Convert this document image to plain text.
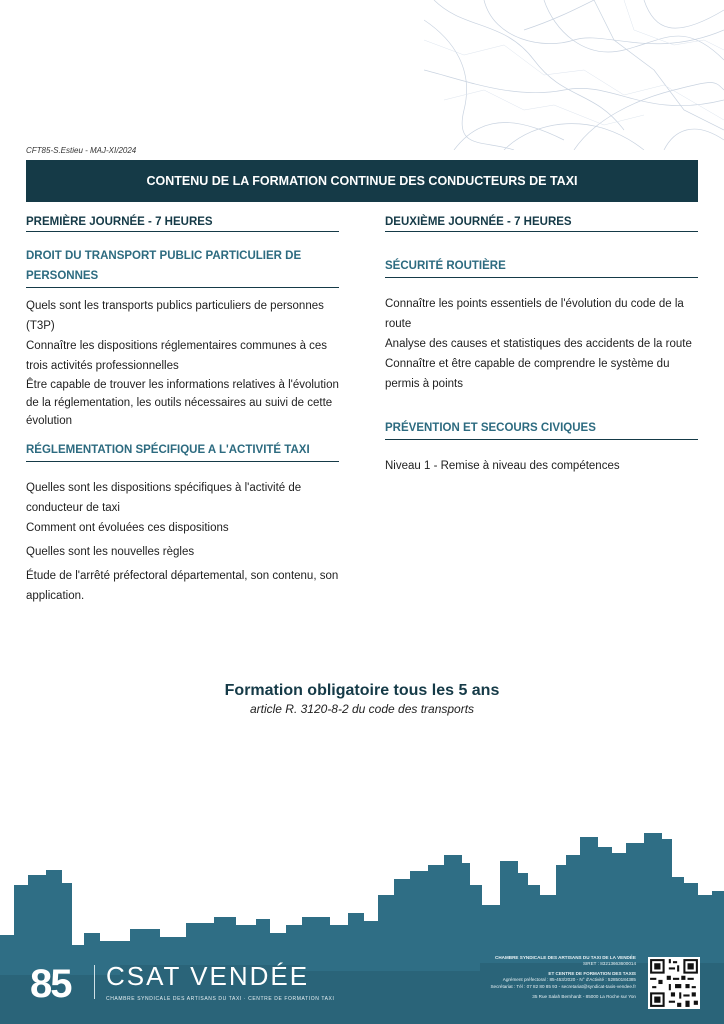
CFT85-S.Estieu - MAJ-XI/2024
CONTENU DE LA FORMATION CONTINUE DES CONDUCTEURS DE TAXI
PREMIÈRE JOURNÉE - 7 HEURES
DROIT DU TRANSPORT PUBLIC PARTICULIER DE PERSONNES
Quels sont les transports publics particuliers de personnes (T3P)
Connaître les dispositions réglementaires communes à ces trois activités professionnelles
Être capable de trouver les informations relatives à l'évolution de la réglementation, les outils nécessaires au suivi de cette évolution
RÉGLEMENTATION SPÉCIFIQUE A L'ACTIVITÉ TAXI
Quelles sont les dispositions spécifiques à l'activité de conducteur de taxi
Comment ont évoluées ces dispositions
Quelles sont les nouvelles règles
Étude de l'arrêté préfectoral départemental, son contenu, son application.
DEUXIÈME JOURNÉE - 7 HEURES
SÉCURITÉ ROUTIÈRE
Connaître les points essentiels de l'évolution du code de la route
Analyse des causes et statistiques des accidents de la route
Connaître et être capable de comprendre le système du permis à points
PRÉVENTION ET SECOURS CIVIQUES
Niveau 1 - Remise à niveau des compétences
Formation obligatoire tous les 5 ans
article R. 3120-8-2 du code des transports
85 CSAT VENDÉE
CHAMBRE SYNDICALE DES ARTISANS DU TAXI · CENTRE DE FORMATION TAXI
CHAMBRE SYNDICALE DES ARTISANS DU TAXI DE LA VENDÉE
SIRET : 83213663600014
ET CENTRE DE FORMATION DES TAXIS
Agrément préfectoral : 85-453/2020 - N° d'Activité : 52850184385
Secrétariat : Tél : 07 82 80 85 93 - secretariat@syndicat-taxis-vendee.fr
35 Rue Salah Bernhardt - 85000 La Roche sur Yon
